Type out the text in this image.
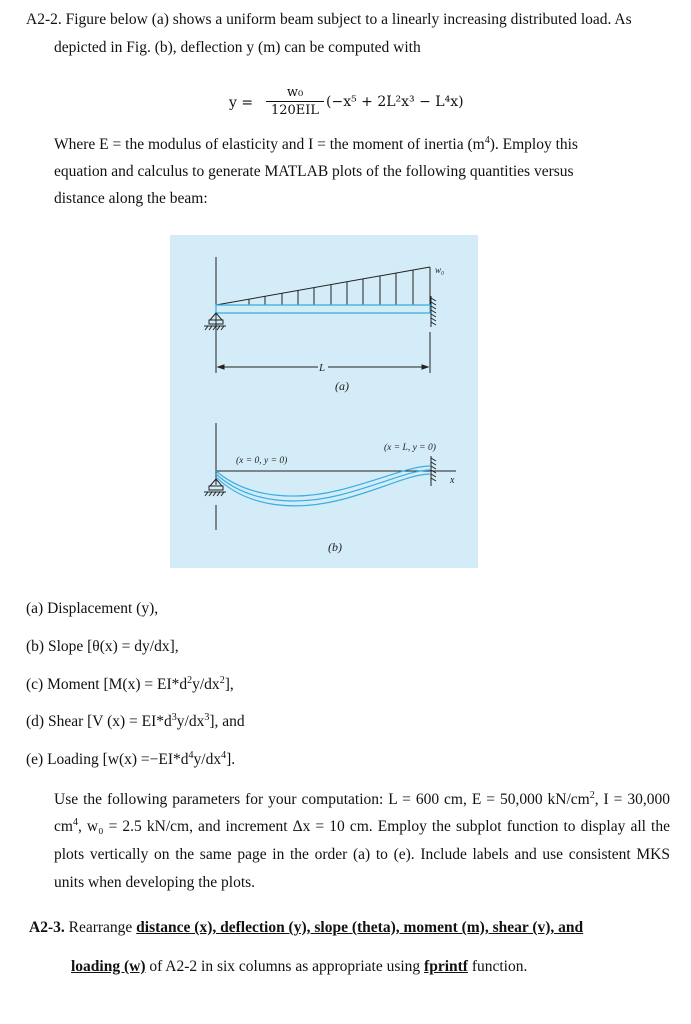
A2-2. Figure below (a) shows a uniform beam subject to a linearly increasing distributed load. As
depicted in Fig. (b), deflection y (m) can be computed with
y =
w₀
120EIL
(−x⁵ + 2L²x³ − L⁴x)
Where E = the modulus of elasticity and I = the moment of inertia $(m^4)$. Employ this
equation and calculus to generate MATLAB plots of the following quantities versus
distance along the beam:
w₀
L
(a)
(x = 0, y = 0)
(x = L, y = 0)
x
(b)
(a) Displacement (y),
(b) Slope [θ(x) = dy/dx],
(c) Moment $[M(x) = EI*d^2y/dx^2]$,
(d) Shear [V $(x) = EI*d^3y/dx^3$], and
(e) Loading $[w(x) =-EI*d^4y/dx^4]$.
Use the following parameters for your computation: L = 600 cm, E = 50,000 $kN/cm^2$, I = 30,000
$cm^4$, w₀ = 2.5 kN/cm, and increment Δx = 10 cm. Employ the subplot function to display all the
plots vertically on the same page in the order (a) to (e). Include labels and use consistent MKS
units when developing the plots.
A2-3. Rearrange distance (x), deflection (y), slope (theta), moment (m), shear (v), and
loading (w) of A2-2 in six columns as appropriate using fprintf function.
